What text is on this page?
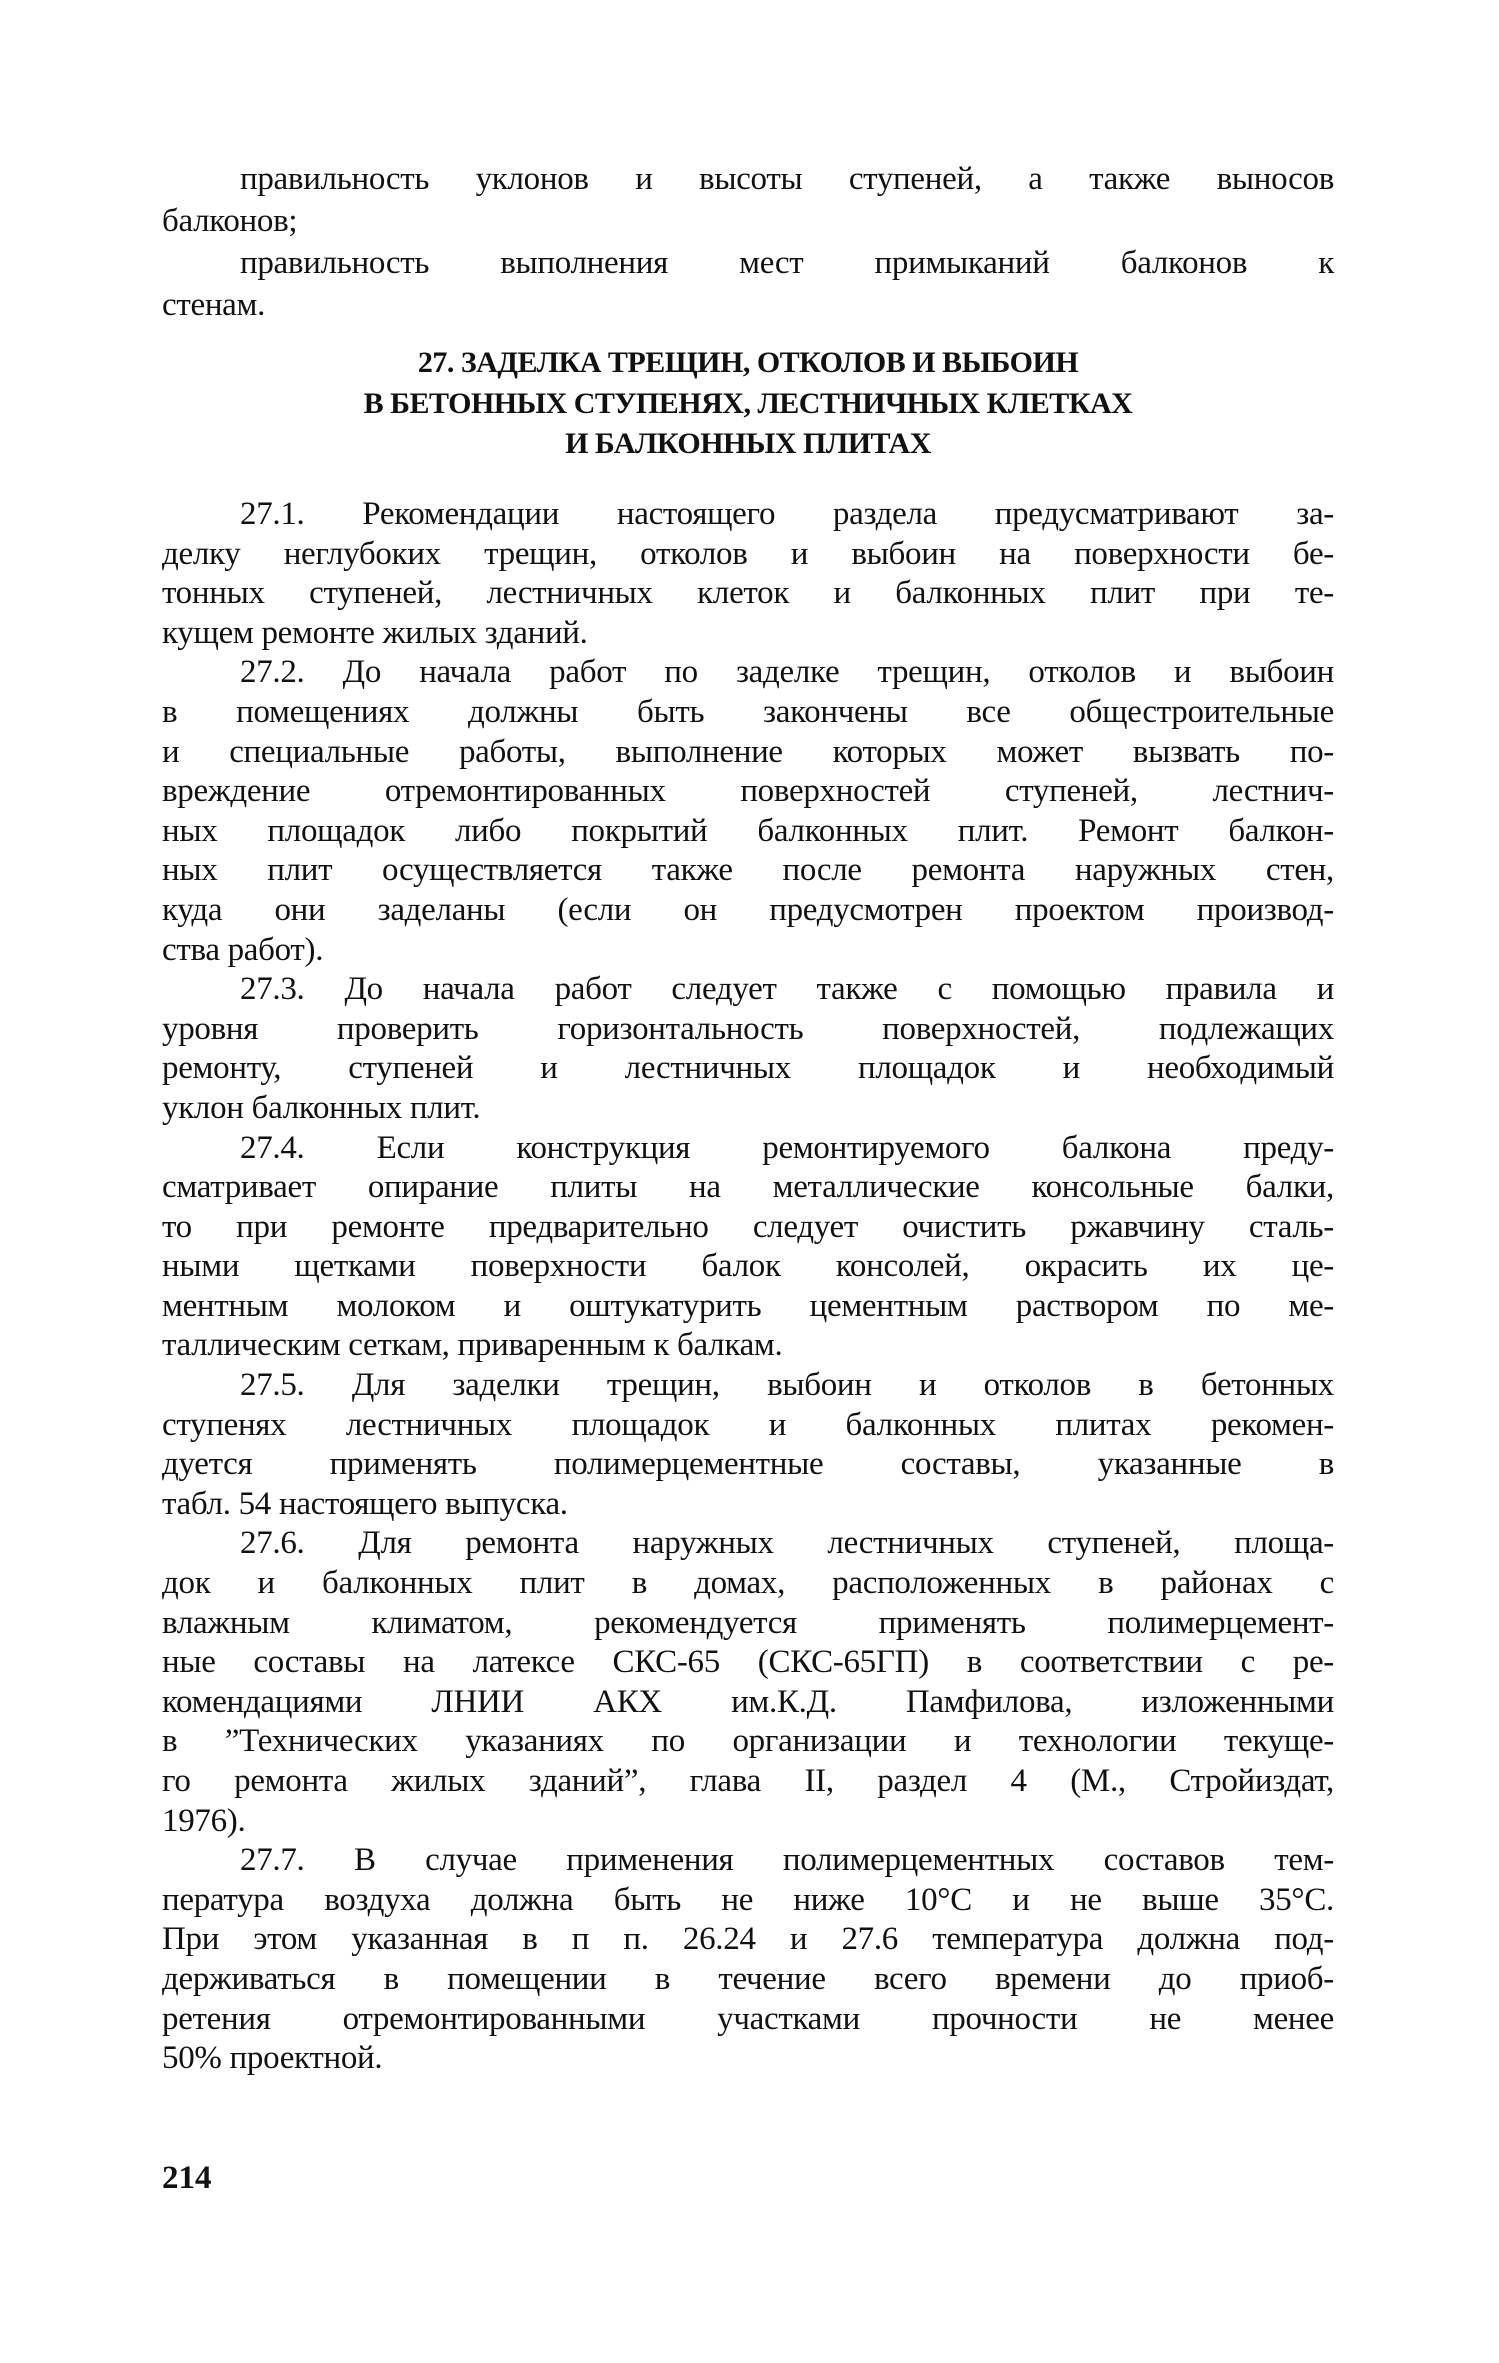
правильность уклонов и высоты ступеней, а также выносов
балконов;
правильность выполнения мест примыканий балконов к
стенам.
27. ЗАДЕЛКА ТРЕЩИН, ОТКОЛОВ И ВЫБОИН
В БЕТОННЫХ СТУПЕНЯХ, ЛЕСТНИЧНЫХ КЛЕТКАХ
И БАЛКОННЫХ ПЛИТАХ
27.1. Рекомендации настоящего раздела предусматривают за-
делку неглубоких трещин, отколов и выбоин на поверхности бе-
тонных ступеней, лестничных клеток и балконных плит при те-
кущем ремонте жилых зданий.
27.2. До начала работ по заделке трещин, отколов и выбоин
в помещениях должны быть закончены все общестроительные
и специальные работы, выполнение которых может вызвать по-
вреждение отремонтированных поверхностей ступеней, лестнич-
ных площадок либо покрытий балконных плит. Ремонт балкон-
ных плит осуществляется также после ремонта наружных стен,
куда они заделаны (если он предусмотрен проектом производ-
ства работ).
27.3. До начала работ следует также с помощью правила и
уровня проверить горизонтальность поверхностей, подлежащих
ремонту, ступеней и лестничных площадок и необходимый
уклон балконных плит.
27.4. Если конструкция ремонтируемого балкона преду-
сматривает опирание плиты на металлические консольные балки,
то при ремонте предварительно следует очистить ржавчину сталь-
ными щетками поверхности балок консолей, окрасить их це-
ментным молоком и оштукатурить цементным раствором по ме-
таллическим сеткам, приваренным к балкам.
27.5. Для заделки трещин, выбоин и отколов в бетонных
ступенях лестничных площадок и балконных плитах рекомен-
дуется применять полимерцементные составы, указанные в
табл. 54 настоящего выпуска.
27.6. Для ремонта наружных лестничных ступеней, площа-
док и балконных плит в домах, расположенных в районах с
влажным климатом, рекомендуется применять полимерцемент-
ные составы на латексе СКС-65 (СКС-65ГП) в соответствии с ре-
комендациями ЛНИИ АКХ им.К.Д. Памфилова, изложенными
в ”Технических указаниях по организации и технологии текуще-
го ремонта жилых зданий”, глава II, раздел 4 (М., Стройиздат,
1976).
27.7. В случае применения полимерцементных составов тем-
пература воздуха должна быть не ниже 10°С и не выше 35°С.
При этом указанная в п п. 26.24 и 27.6 температура должна под-
держиваться в помещении в течение всего времени до приоб-
ретения отремонтированными участками прочности не менее
50% проектной.
214
